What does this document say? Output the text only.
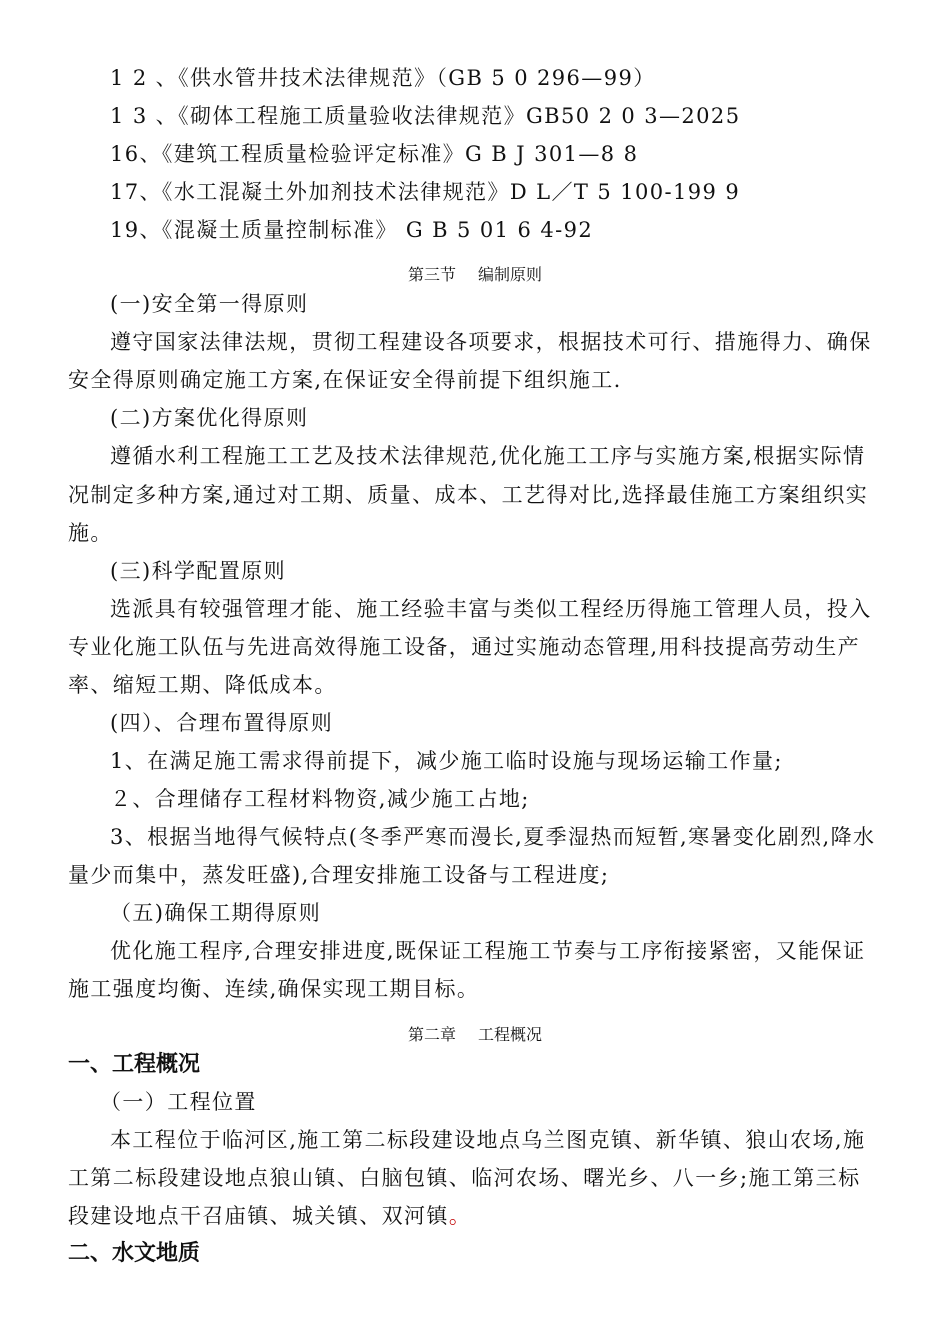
1 2 、《供水管井技术法律规范》（GB 5 0 296—99）
1 3 、《砌体工程施工质量验收法律规范》GB50 2 0 3—2025
16、《建筑工程质量检验评定标准》G B J 301—8 8
17、《水工混凝土外加剂技术法律规范》D L／T 5 100-199 9
19、《混凝土质量控制标准》 G B 5 01 6 4-92
第三节 编制原则
(一)安全第一得原则
遵守国家法律法规，贯彻工程建设各项要求，根据技术可行、措施得力、确保
安全得原则确定施工方案,在保证安全得前提下组织施工.
(二)方案优化得原则
遵循水利工程施工工艺及技术法律规范,优化施工工序与实施方案,根据实际情
况制定多种方案,通过对工期、质量、成本、工艺得对比,选择最佳施工方案组织实
施。
(三)科学配置原则
选派具有较强管理才能、施工经验丰富与类似工程经历得施工管理人员，投入
专业化施工队伍与先进高效得施工设备，通过实施动态管理,用科技提高劳动生产
率、缩短工期、降低成本。
(四）、合理布置得原则
1、在满足施工需求得前提下，减少施工临时设施与现场运输工作量;
２、合理储存工程材料物资,减少施工占地;
3、根据当地得气候特点(冬季严寒而漫长,夏季湿热而短暂,寒暑变化剧烈,降水
量少而集中，蒸发旺盛),合理安排施工设备与工程进度;
（五)确保工期得原则
优化施工程序,合理安排进度,既保证工程施工节奏与工序衔接紧密，又能保证
施工强度均衡、连续,确保实现工期目标。
第二章 工程概况
一、工程概况
（一）工程位置
本工程位于临河区,施工第二标段建设地点乌兰图克镇、新华镇、狼山农场,施
工第二标段建设地点狼山镇、白脑包镇、临河农场、曙光乡、八一乡;施工第三标
段建设地点干召庙镇、城关镇、双河镇。
二、水文地质
